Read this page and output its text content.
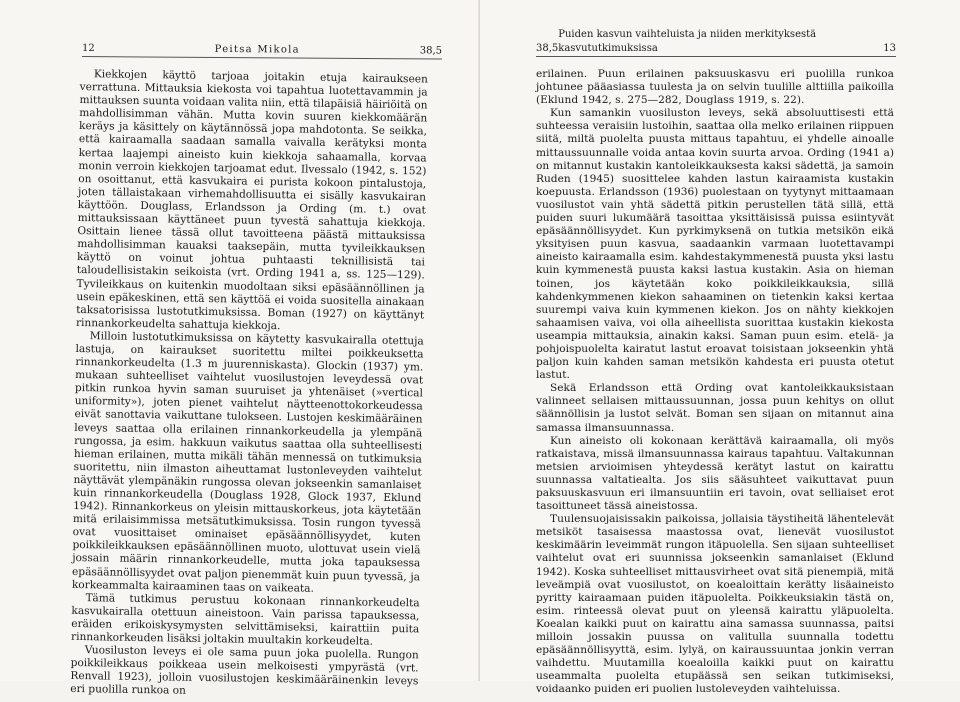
12	Peitsa Mikola	38,5

Kiekkojen käyttö tarjoaa joitakin etuja kairaukseen verrattuna. Mittauksia kiekosta voi tapahtua luotettavammin ja mittauksen suunta voidaan valita niin, että tilapäisiä häiriöitä on mahdollisimman vähän. Mutta kovin suuren kiekkomäärän keräys ja käsittely on käytännössä jopa mahdotonta. Se seikka, että kairaamalla saadaan samalla vaivalla kerätyksi monta kertaa laajempi aineisto kuin kiekkoja sahaamalla, korvaa monin verroin kiekkojen tarjoamat edut. Ilvessalo (1942, s. 152) on osoittanut, että kasvukaira ei purista kokoon pintalustoja, joten tällaistakaan virhemahdollisuutta ei sisälly kasvukairan käyttöön. Douglass, Erlandsson ja Ording (m. t.) ovat mittauksissaan käyttäneet puun tyvestä sahattuja kiekkoja. Osittain lienee tässä ollut tavoitteena päästä mittauksissa mahdollisimman kauaksi taaksepäin, mutta tyvileikkauksen käyttö on voinut johtua puhtaasti teknillisistä tai taloudellisistakin seikoista (vrt. Ording 1941 a, ss. 125—129). Tyvileikkaus on kuitenkin muodoltaan siksi epäsäännöllinen ja usein epäkeskinen, että sen käyttöä ei voida suositella ainakaan taksatorisissa lustotutkimuksissa. Boman (1927) on käyttänyt rinnankorkeudelta sahattuja kiekkoja.

Milloin lustotutkimuksissa on käytetty kasvukairalla otettuja lastuja, on kairaukset suoritettu miltei poikkeuksetta rinnankorkeudelta (1.3 m juurenniskasta). Glockin (1937) ym. mukaan suhteelliset vaihtelut vuosilustojen leveydessä ovat pitkin runkoa hyvin saman suuruiset ja yhtenäiset (»vertical uniformity»), joten pienet vaihtelut näytteenottokorkeudessa eivät sanottavia vaikuttane tulokseen. Lustojen keskimääräinen leveys saattaa olla erilainen rinnankorkeudella ja ylempänä rungossa, ja esim. hakkuun vaikutus saattaa olla suhteellisesti hieman erilainen, mutta mikäli tähän mennessä on tutkimuksia suoritettu, niin ilmaston aiheuttamat lustonleveyden vaihtelut näyttävät ylempänäkin rungossa olevan jokseenkin samanlaiset kuin rinnankorkeudella (Douglass 1928, Glock 1937, Eklund 1942). Rinnankorkeus on yleisin mittauskorkeus, jota käytetään mitä erilaisimmissa metsätutkimuksissa. Tosin rungon tyvessä ovat vuosittaiset ominaiset epäsäännöllisyydet, kuten poikkileikkauksen epäsäännöllinen muoto, ulottuvat usein vielä jossain määrin rinnankorkeudelle, mutta joka tapauksessa epäsäännöllisyydet ovat paljon pienemmät kuin puun tyvessä, ja korkeammalta kairaaminen taas on vaikeata.

Tämä tutkimus perustuu kokonaan rinnankorkeudelta kasvukairalla otettuun aineistoon. Vain parissa tapauksessa, eräiden erikoiskysymysten selvittämiseksi, kairattiin puita rinnankorkeuden lisäksi joltakin muultakin korkeudelta.

Vuosiluston leveys ei ole sama puun joka puolella. Rungon poikkileikkaus poikkeaa usein melkoisesti ympyrästä (vrt. Renvall 1923), jolloin vuosilustojen keskimääräinenkin leveys eri puolilla runkoa on

38,5
Puiden kasvun vaihteluista ja niiden merkityksestä kasvututkimuksissa	13

erilainen. Puun erilainen paksuuskasvu eri puolilla runkoa johtunee pääasiassa tuulesta ja on selvin tuulille alttiilla paikoilla (Eklund 1942, s. 275—282, Douglass 1919, s. 22).

Kun samankin vuosiluston leveys, sekä absoluuttisesti että suhteessa veraisiin lustoihin, saattaa olla melko erilainen riippuen siitä, miltä puolelta puusta mittaus tapahtuu, ei yhdelle ainoalle mittaussuunnalle voida antaa kovin suurta arvoa. Ording (1941 a) on mitannut kustakin kantoleikkauksesta kaksi sädettä, ja samoin Ruden (1945) suosittelee kahden lastun kairaamista kustakin koepuusta. Erlandsson (1936) puolestaan on tyytynyt mittaamaan vuosilustot vain yhtä sädettä pitkin perustellen tätä sillä, että puiden suuri lukumäärä tasoittaa yksittäisissä puissa esiintyvät epäsäännöllisyydet. Kun pyrkimyksenä on tutkia metsikön eikä yksityisen puun kasvua, saadaankin varmaan luotettavampi aineisto kairaamalla esim. kahdestakymmenestä puusta yksi lastu kuin kymmenestä puusta kaksi lastua kustakin. Asia on hieman toinen, jos käytetään koko poikkileikkauksia, sillä kahdenkymmenen kiekon sahaaminen on tietenkin kaksi kertaa suurempi vaiva kuin kymmenen kiekon. Jos on nähty kiekkojen sahaamisen vaiva, voi olla aiheellista suorittaa kustakin kiekosta useampia mittauksia, ainakin kaksi. Saman puun esim. etelä- ja pohjoispuolelta kairatut lastut eroavat toisistaan jokseenkin yhtä paljon kuin kahden saman metsikön kahdesta eri puusta otetut lastut.

Sekä Erlandsson että Ording ovat kantoleikkauksistaan valinneet sellaisen mittaussuunnan, jossa puun kehitys on ollut säännöllisin ja lustot selvät. Boman sen sijaan on mitannut aina samassa ilmansuunnassa.

Kun aineisto oli kokonaan kerättävä kairaamalla, oli myös ratkaistava, missä ilmansuunnassa kairaus tapahtuu. Valtakunnan metsien arvioimisen yhteydessä kerätyt lastut on kairattu suunnassa valtatiealta. Jos siis sääsuhteet vaikuttavat puun paksuuskasvuun eri ilmansuuntiin eri tavoin, ovat selliaiset erot tasoittuneet tässä aineistossa.

Tuulensuojaisissakin paikoissa, jollaisia täystiheitä lähentelevät metsiköt tasaisessa maastossa ovat, lienevät vuosilustot keskimäärin leveimmät rungon itäpuolella. Sen sijaan suhteelliset vaihtelut ovat eri suunnissa jokseenkin samanlaiset (Eklund 1942). Koska suhteelliset mittausvirheet ovat sitä pienempiä, mitä leveämpiä ovat vuosilustot, on koealoittain kerätty lisäaineisto pyritty kairaamaan puiden itäpuolelta. Poikkeuksiakin tästä on, esim. rinteessä olevat puut on yleensä kairattu yläpuolelta. Koealan kaikki puut on kairattu aina samassa suunnassa, paitsi milloin jossakin puussa on valitulla suunnalla todettu epäsäännöllisyyttä, esim. lylyä, on kairaussuuntaa jonkin verran vaihdettu. Muutamilla koealoilla kaikki puut on kairattu useammalta puolelta etupäässä sen seikan tutkimiseksi, voidaanko puiden eri puolien lustoleveyden vaihteluissa.
